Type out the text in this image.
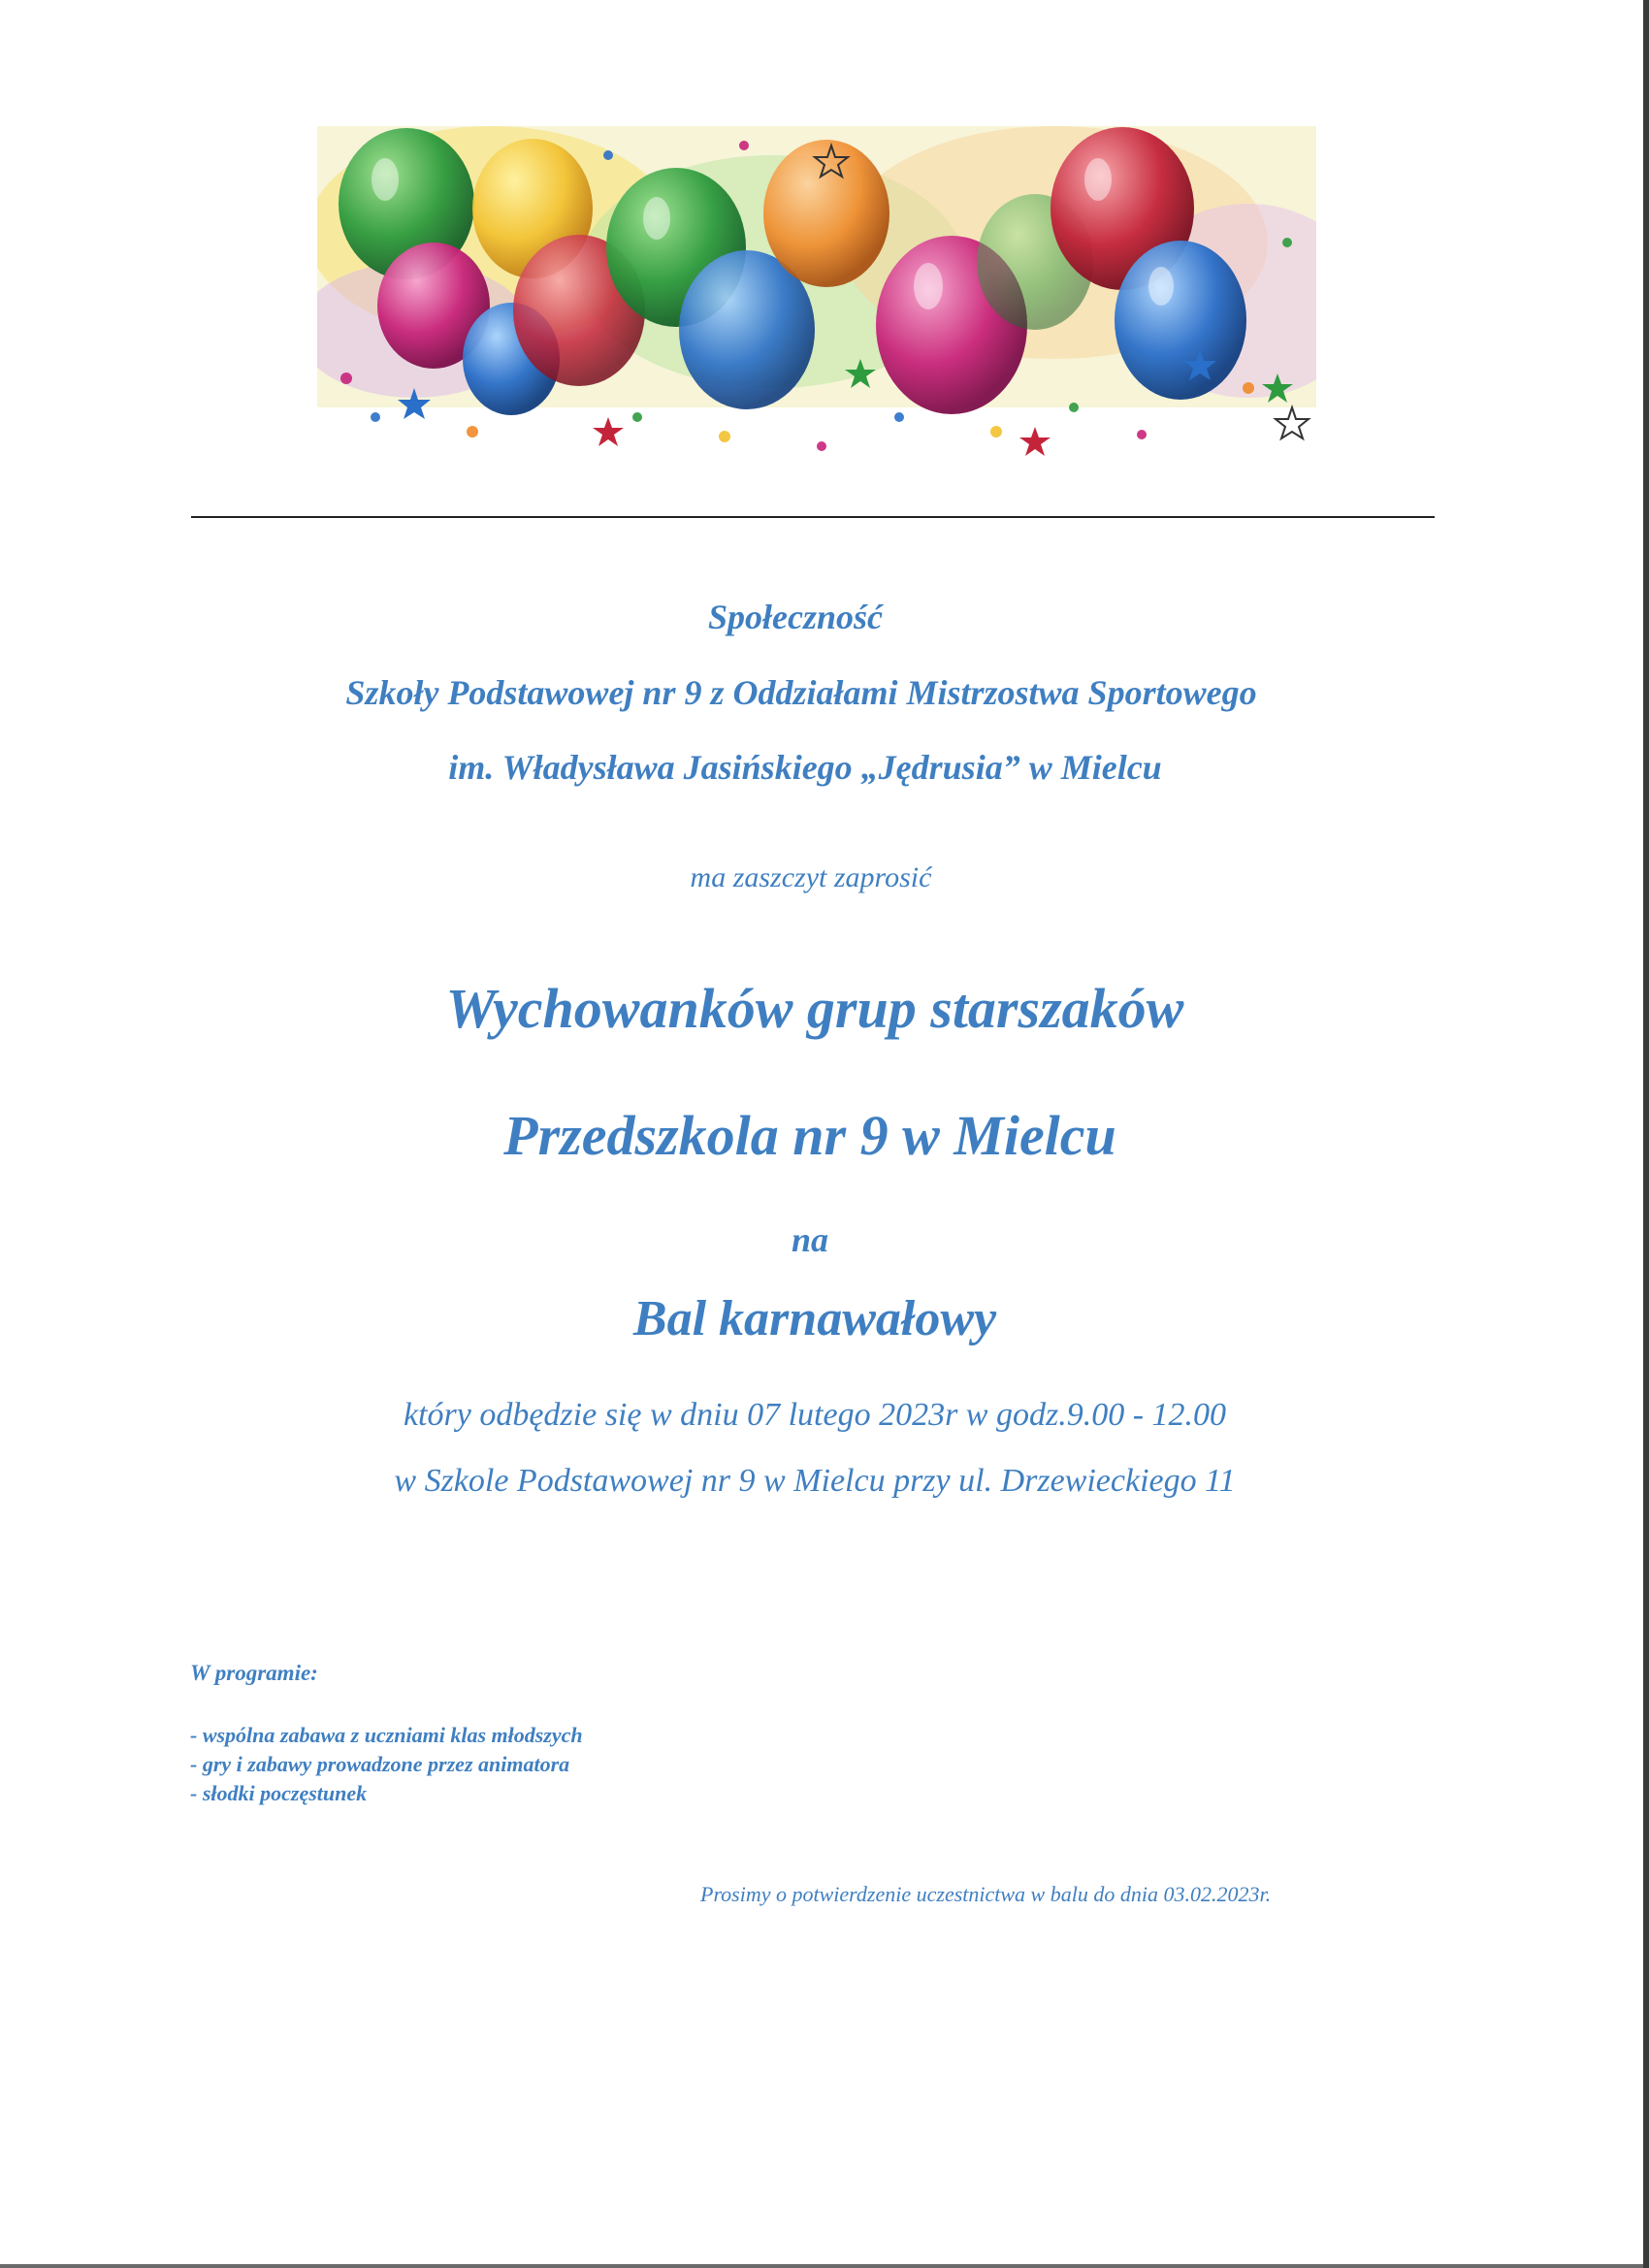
Społeczność
Szkoły Podstawowej nr 9 z Oddziałami Mistrzostwa Sportowego
im. Władysława Jasińskiego „Jędrusia” w Mielcu
ma zaszczyt zaprosić
Wychowanków grup starszaków
Przedszkola nr 9 w Mielcu
na
Bal karnawałowy
który odbędzie się w dniu 07 lutego 2023r w godz.9.00 - 12.00
w Szkole Podstawowej nr 9 w Mielcu przy ul. Drzewieckiego 11
W programie:
- wspólna zabawa z uczniami klas młodszych
- gry i zabawy prowadzone przez animatora
- słodki poczęstunek
Prosimy o potwierdzenie uczestnictwa w balu do dnia 03.02.2023r.
